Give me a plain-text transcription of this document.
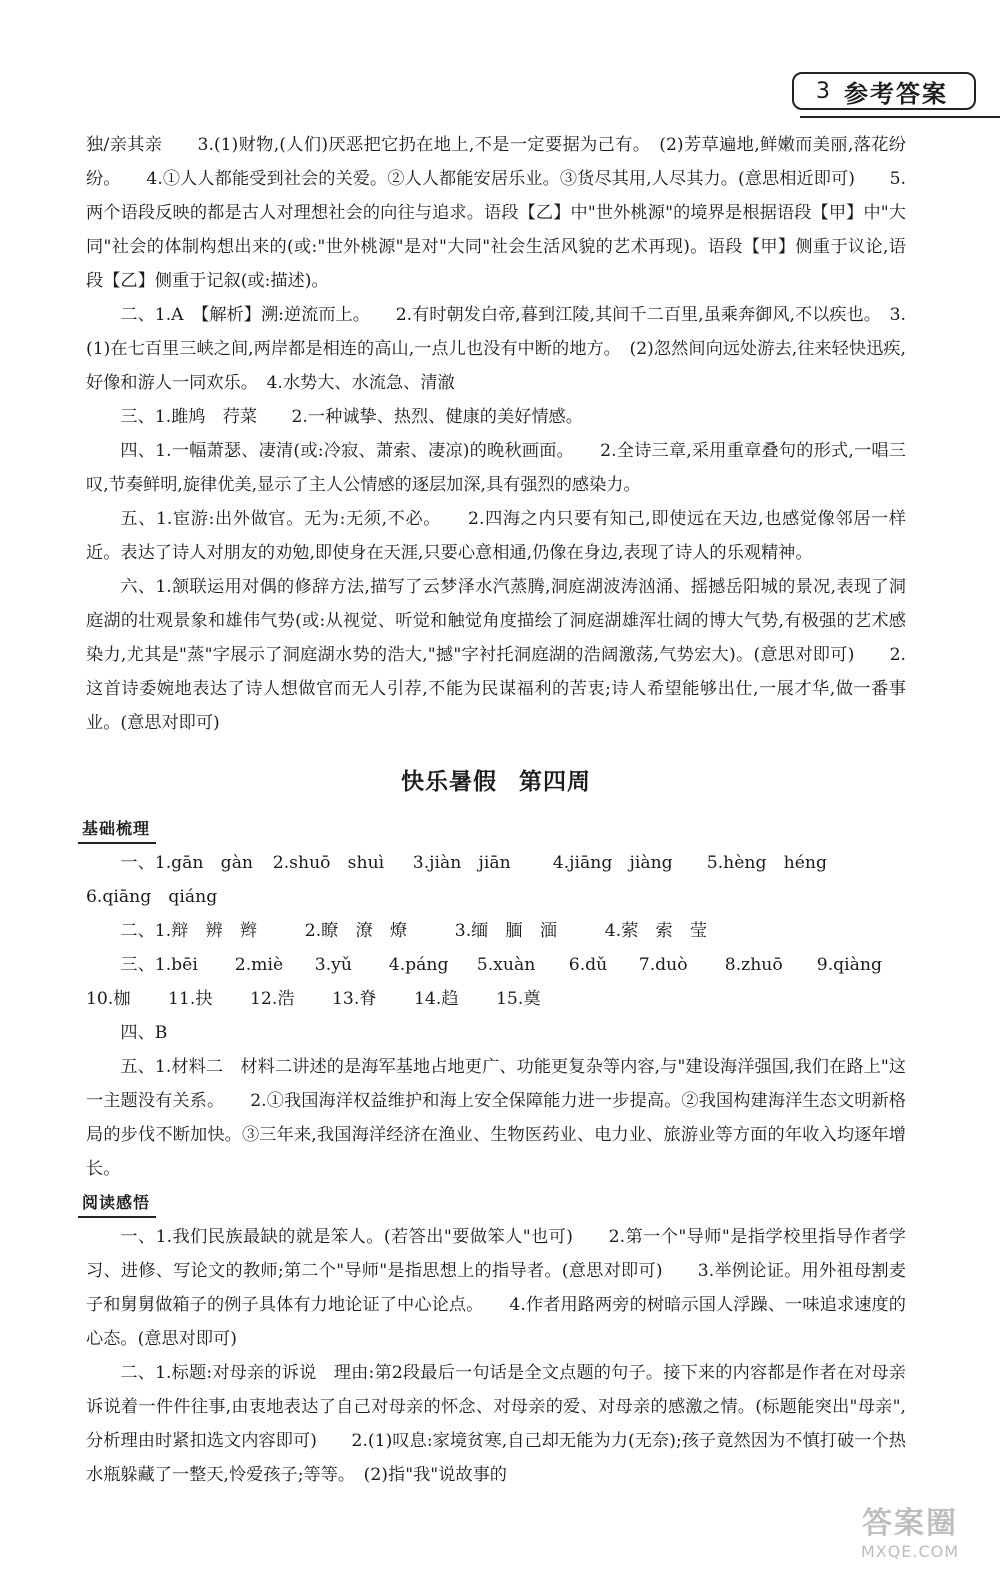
3 参考答案

独/亲其亲　　3.(1)财物,(人们)厌恶把它扔在地上,不是一定要据为己有。　(2)芳草遍地,鲜嫩而美丽,落花纷纷。　　4.①人人都能受到社会的关爱。②人人都能安居乐业。③货尽其用,人尽其力。(意思相近即可)　　5.两个语段反映的都是古人对理想社会的向往与追求。语段【乙】中"世外桃源"的境界是根据语段【甲】中"大同"社会的体制构想出来的(或:"世外桃源"是对"大同"社会生活风貌的艺术再现)。语段【甲】侧重于议论,语段【乙】侧重于记叙(或:描述)。

二、1.A　【解析】溯:逆流而上。　　2.有时朝发白帝,暮到江陵,其间千二百里,虽乘奔御风,不以疾也。　3.(1)在七百里三峡之间,两岸都是相连的高山,一点儿也没有中断的地方。　(2)忽然间向远处游去,往来轻快迅疾,好像和游人一同欢乐。　4.水势大、水流急、清澈

三、1.雎鸠　荇菜　　2.一种诚挚、热烈、健康的美好情感。

四、1.一幅萧瑟、凄清(或:冷寂、萧索、凄凉)的晚秋画面。　　2.全诗三章,采用重章叠句的形式,一唱三叹,节奏鲜明,旋律优美,显示了主人公情感的逐层加深,具有强烈的感染力。

五、1.宦游:出外做官。无为:无须,不必。　　2.四海之内只要有知己,即使远在天边,也感觉像邻居一样近。表达了诗人对朋友的劝勉,即使身在天涯,只要心意相通,仍像在身边,表现了诗人的乐观精神。

六、1.颔联运用对偶的修辞方法,描写了云梦泽水汽蒸腾,洞庭湖波涛汹涌、摇撼岳阳城的景况,表现了洞庭湖的壮观景象和雄伟气势(或:从视觉、听觉和触觉角度描绘了洞庭湖雄浑壮阔的博大气势,有极强的艺术感染力,尤其是"蒸"字展示了洞庭湖水势的浩大,"撼"字衬托洞庭湖的浩阔激荡,气势宏大)。(意思对即可)　　2.这首诗委婉地表达了诗人想做官而无人引荐,不能为民谋福利的苦衷;诗人希望能够出仕,一展才华,做一番事业。(意思对即可)

快乐暑假 第四周
基础梳理
一、1.gān　gàn 2.shuō　shuì 3.jiàn　jiān 4.jiāng　jiàng 5.hèng　héng
6.qiāng　qiáng
二、1.辩　辨　辫	2.瞭　潦　燎	3.缅　腼　湎	4.萦　索　莹
三、1.bēi 2.miè 3.yǔ 4.páng 5.xuàn 6.dǔ 7.duò 8.zhuō 9.qiàng
10.枷 11.抉 12.浩 13.脊 14.趋 15.奠

四、B

五、1.材料二　材料二讲述的是海军基地占地更广、功能更复杂等内容,与"建设海洋强国,我们在路上"这一主题没有关系。　　2.①我国海洋权益维护和海上安全保障能力进一步提高。②我国构建海洋生态文明新格局的步伐不断加快。③三年来,我国海洋经济在渔业、生物医药业、电力业、旅游业等方面的年收入均逐年增长。

阅读感悟

一、1.我们民族最缺的就是笨人。(若答出"要做笨人"也可)　　2.第一个"导师"是指学校里指导作者学习、进修、写论文的教师;第二个"导师"是指思想上的指导者。(意思对即可)　　3.举例论证。用外祖母割麦子和舅舅做箱子的例子具体有力地论证了中心论点。　　4.作者用路两旁的树暗示国人浮躁、一味追求速度的心态。(意思对即可)

二、1.标题:对母亲的诉说　理由:第2段最后一句话是全文点题的句子。接下来的内容都是作者在对母亲诉说着一件件往事,由衷地表达了自己对母亲的怀念、对母亲的爱、对母亲的感激之情。(标题能突出"母亲",分析理由时紧扣选文内容即可)　　2.(1)叹息:家境贫寒,自己却无能为力(无奈);孩子竟然因为不慎打破一个热水瓶躲藏了一整天,怜爱孩子;等等。　(2)指"我"说故事的

答案圈
MXQE.COM
